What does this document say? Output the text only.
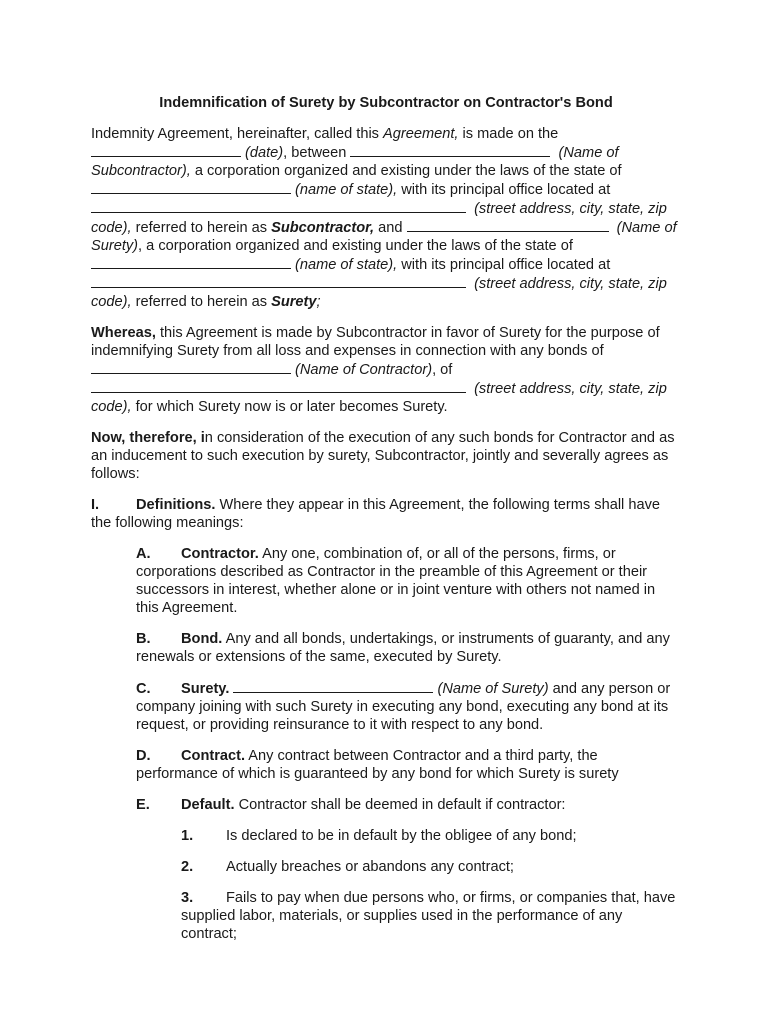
Indemnification of Surety by Subcontractor on Contractor's Bond

Indemnity Agreement, hereinafter, called this Agreement, is made on the (date), between	(Name of Subcontractor), a corporation organized and existing under the laws of the state of (name of state), with its principal office located at  (street address, city, state, zip code), referred to herein as Subcontractor, and	(Name of Surety), a corporation organized and existing under the laws of the state of (name of state), with its principal office located at  (street address, city, state, zip code), referred to herein as Surety;

Whereas, this Agreement is made by Subcontractor in favor of Surety for the purpose of indemnifying Surety from all loss and expenses in connection with any bonds of (Name of Contractor), of  (street address, city, state, zip code), for which Surety now is or later becomes Surety.

Now, therefore, in consideration of the execution of any such bonds for Contractor and as an inducement to such execution by surety, Subcontractor, jointly and severally agrees as follows:

I.	Definitions. Where they appear in this Agreement, the following terms shall have the following meanings:

A. Contractor. Any one, combination of, or all of the persons, firms, or corporations described as Contractor in the preamble of this Agreement or their successors in interest, whether alone or in joint venture with others not named in this Agreement.

B. Bond. Any and all bonds, undertakings, or instruments of guaranty, and any renewals or extensions of the same, executed by Surety.

C. Surety.	(Name of Surety) and any person or company joining with such Surety in executing any bond, executing any bond at its request, or providing reinsurance to it with respect to any bond.

D. Contract. Any contract between Contractor and a third party, the performance of which is guaranteed by any bond for which Surety is surety

E. Default. Contractor shall be deemed in default if contractor:

1. Is declared to be in default by the obligee of any bond;

2. Actually breaches or abandons any contract;

3. Fails to pay when due persons who, or firms, or companies that, have supplied labor, materials, or supplies used in the performance of any contract;
